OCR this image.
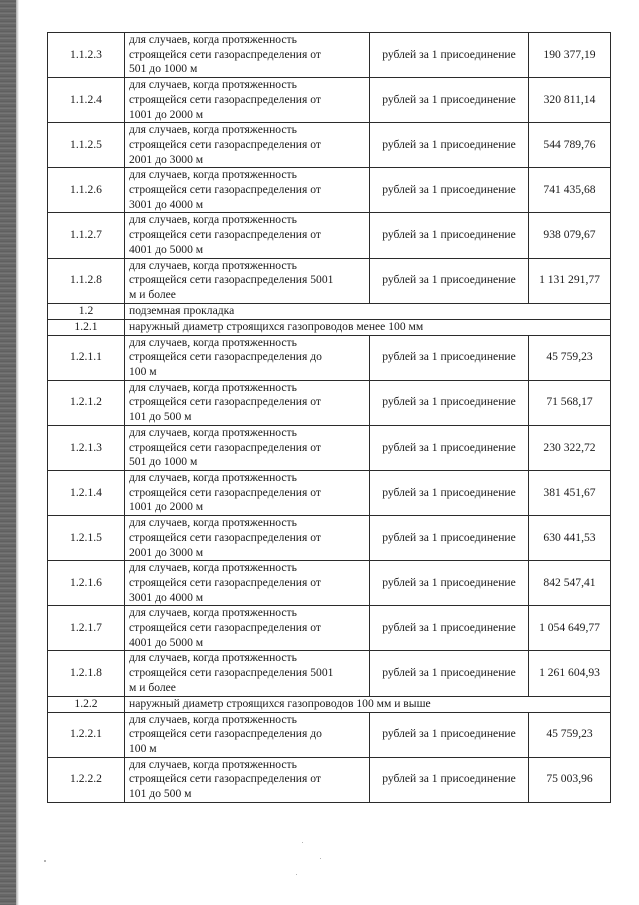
1.1.2.3	для случаев, когда протяженность
строящейся сети газораспределения от
501 до 1000 м	рублей за 1 присоединение	190 377,19
1.1.2.4	для случаев, когда протяженность
строящейся сети газораспределения от
1001 до 2000 м	рублей за 1 присоединение	320 811,14
1.1.2.5	для случаев, когда протяженность
строящейся сети газораспределения от
2001 до 3000 м	рублей за 1 присоединение	544 789,76
1.1.2.6	для случаев, когда протяженность
строящейся сети газораспределения от
3001 до 4000 м	рублей за 1 присоединение	741 435,68
1.1.2.7	для случаев, когда протяженность
строящейся сети газораспределения от
4001 до 5000 м	рублей за 1 присоединение	938 079,67
1.1.2.8	для случаев, когда протяженность
строящейся сети газораспределения 5001
м и более	рублей за 1 присоединение	1 131 291,77
1.2	подземная прокладка		
1.2.1	наружный диаметр строящихся газопроводов менее 100 мм		
1.2.1.1	для случаев, когда протяженность
строящейся сети газораспределения до
100 м	рублей за 1 присоединение	45 759,23
1.2.1.2	для случаев, когда протяженность
строящейся сети газораспределения от
101 до 500 м	рублей за 1 присоединение	71 568,17
1.2.1.3	для случаев, когда протяженность
строящейся сети газораспределения от
501 до 1000 м	рублей за 1 присоединение	230 322,72
1.2.1.4	для случаев, когда протяженность
строящейся сети газораспределения от
1001 до 2000 м	рублей за 1 присоединение	381 451,67
1.2.1.5	для случаев, когда протяженность
строящейся сети газораспределения от
2001 до 3000 м	рублей за 1 присоединение	630 441,53
1.2.1.6	для случаев, когда протяженность
строящейся сети газораспределения от
3001 до 4000 м	рублей за 1 присоединение	842 547,41
1.2.1.7	для случаев, когда протяженность
строящейся сети газораспределения от
4001 до 5000 м	рублей за 1 присоединение	1 054 649,77
1.2.1.8	для случаев, когда протяженность
строящейся сети газораспределения 5001
м и более	рублей за 1 присоединение	1 261 604,93
1.2.2	наружный диаметр строящихся газопроводов 100 мм и выше		
1.2.2.1	для случаев, когда протяженность
строящейся сети газораспределения до
100 м	рублей за 1 присоединение	45 759,23
1.2.2.2	для случаев, когда протяженность
строящейся сети газораспределения от
101 до 500 м	рублей за 1 присоединение	75 003,96
